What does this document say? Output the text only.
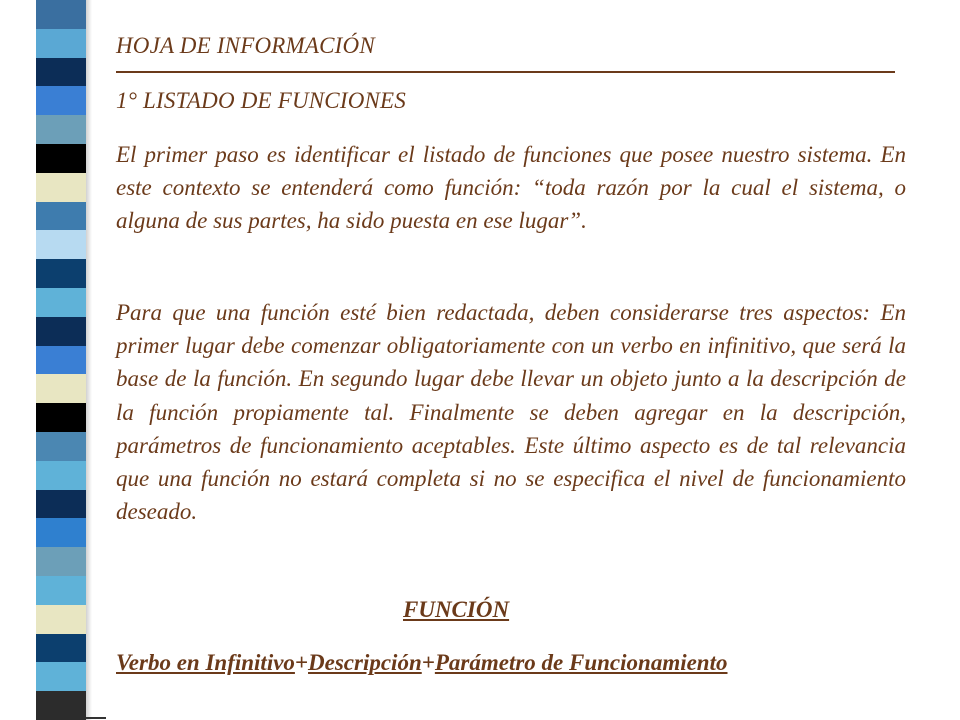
HOJA DE INFORMACIÓN
1° LISTADO DE FUNCIONES

El primer paso es identificar el listado de funciones que posee nuestro sistema. En este contexto se entenderá como función: “toda razón por la cual el sistema, o alguna de sus partes, ha sido puesta en ese lugar”.

Para que una función esté bien redactada, deben considerarse tres aspectos: En primer lugar debe comenzar obligatoriamente con un verbo en infinitivo, que será la base de la función. En segundo lugar debe llevar un objeto junto a la descripción de la función propiamente tal. Finalmente se deben agregar en la descripción, parámetros de funcionamiento aceptables. Este último aspecto es de tal relevancia que una función no estará completa si no se especifica el nivel de funcionamiento deseado.

FUNCIÓN
Verbo en Infinitivo+Descripción+Parámetro de Funcionamiento
